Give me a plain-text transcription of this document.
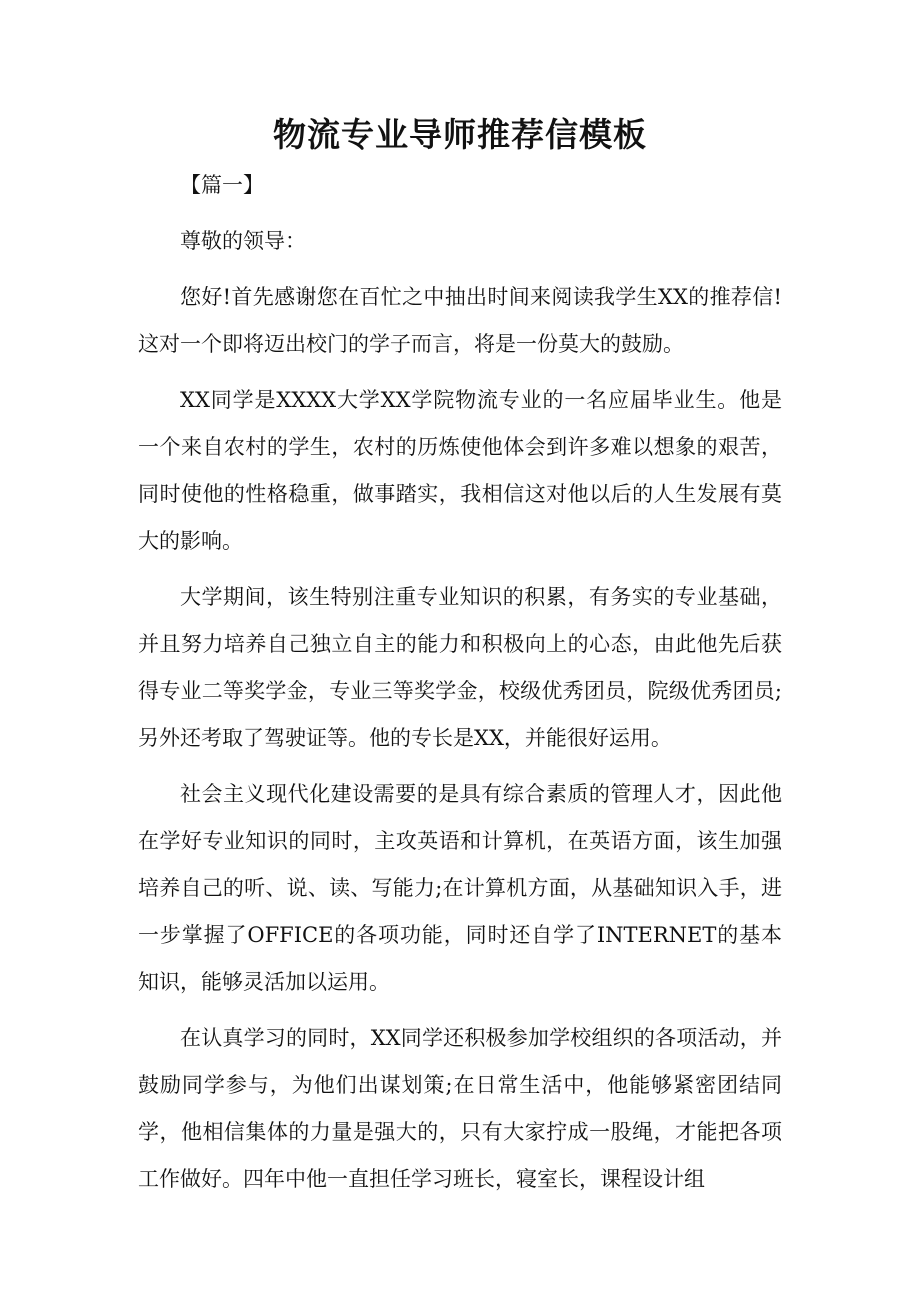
物流专业导师推荐信模板

【篇一】

尊敬的领导：

您好!首先感谢您在百忙之中抽出时间来阅读我学生XX的推荐信!这对一个即将迈出校门的学子而言，将是一份莫大的鼓励。

XX同学是XXXX大学XX学院物流专业的一名应届毕业生。他是一个来自农村的学生，农村的历炼使他体会到许多难以想象的艰苦，同时使他的性格稳重，做事踏实，我相信这对他以后的人生发展有莫大的影响。

大学期间，该生特别注重专业知识的积累，有务实的专业基础，并且努力培养自己独立自主的能力和积极向上的心态，由此他先后获得专业二等奖学金，专业三等奖学金，校级优秀团员，院级优秀团员;另外还考取了驾驶证等。他的专长是XX，并能很好运用。

社会主义现代化建设需要的是具有综合素质的管理人才，因此他在学好专业知识的同时，主攻英语和计算机，在英语方面，该生加强培养自己的听、说、读、写能力;在计算机方面，从基础知识入手，进一步掌握了OFFICE的各项功能，同时还自学了INTERNET的基本知识，能够灵活加以运用。

在认真学习的同时，XX同学还积极参加学校组织的各项活动，并鼓励同学参与，为他们出谋划策;在日常生活中，他能够紧密团结同学，他相信集体的力量是强大的，只有大家拧成一股绳，才能把各项工作做好。四年中他一直担任学习班长，寝室长，课程设计组
